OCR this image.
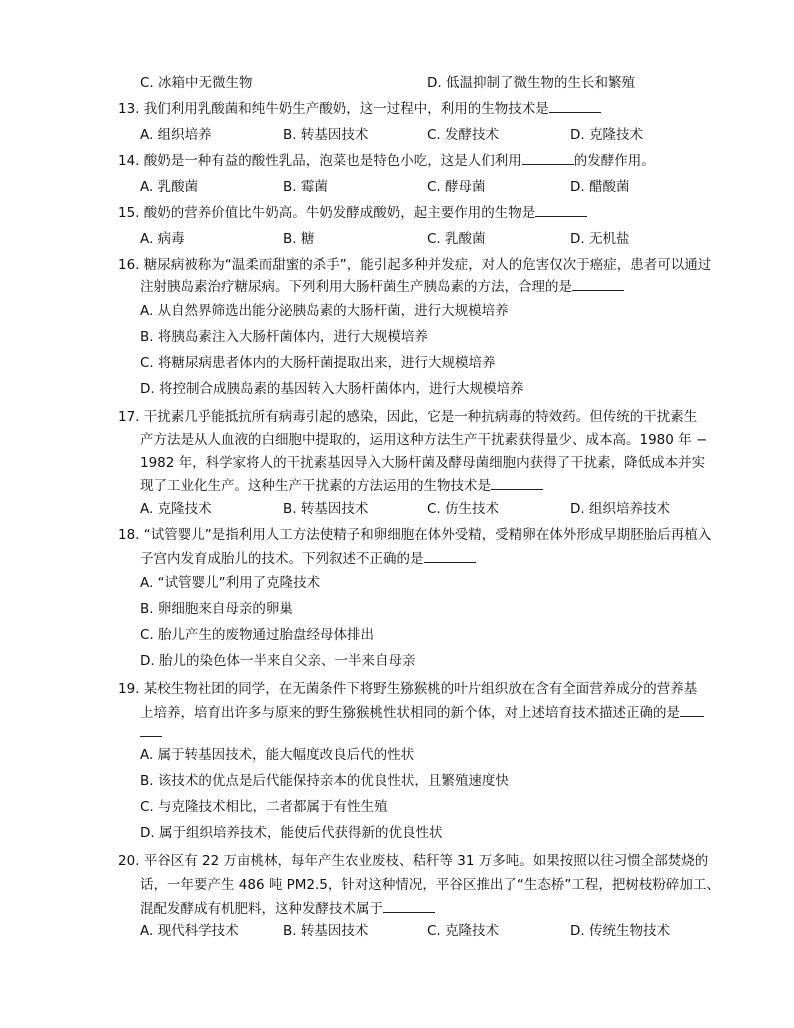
C. 冰箱中无微生物	D. 低温抑制了微生物的生长和繁殖
13. 我们利用乳酸菌和纯牛奶生产酸奶，这一过程中，利用的生物技术是
A. 组织培养	B. 转基因技术	C. 发酵技术	D. 克隆技术
14. 酸奶是一种有益的酸性乳品，泡菜也是特色小吃，这是人们利用	的发酵作用。
A. 乳酸菌	B. 霉菌	C. 酵母菌	D. 醋酸菌
15. 酸奶的营养价值比牛奶高。牛奶发酵成酸奶，起主要作用的生物是
A. 病毒	B. 糖	C. 乳酸菌	D. 无机盐
16. 糖尿病被称为“温柔而甜蜜的杀手”，能引起多种并发症，对人的危害仅次于癌症，患者可以通过
注射胰岛素治疗糖尿病。下列利用大肠杆菌生产胰岛素的方法，合理的是
A. 从自然界筛选出能分泌胰岛素的大肠杆菌，进行大规模培养
B. 将胰岛素注入大肠杆菌体内，进行大规模培养
C. 将糖尿病患者体内的大肠杆菌提取出来，进行大规模培养
D. 将控制合成胰岛素的基因转入大肠杆菌体内，进行大规模培养
17. 干扰素几乎能抵抗所有病毒引起的感染，因此，它是一种抗病毒的特效药。但传统的干扰素生
产方法是从人血液的白细胞中提取的，运用这种方法生产干扰素获得量少、成本高。1980 年 −
1982 年，科学家将人的干扰素基因导入大肠杆菌及酵母菌细胞内获得了干扰素，降低成本并实
现了工业化生产。这种生产干扰素的方法运用的生物技术是
A. 克隆技术	B. 转基因技术	C. 仿生技术	D. 组织培养技术
18. “试管婴儿”是指利用人工方法使精子和卵细胞在体外受精，受精卵在体外形成早期胚胎后再植入
子宫内发育成胎儿的技术。下列叙述不正确的是
A. “试管婴儿”利用了克隆技术
B. 卵细胞来自母亲的卵巢
C. 胎儿产生的废物通过胎盘经母体排出
D. 胎儿的染色体一半来自父亲、一半来自母亲
19. 某校生物社团的同学，在无菌条件下将野生猕猴桃的叶片组织放在含有全面营养成分的营养基
上培养，培育出许多与原来的野生猕猴桃性状相同的新个体，对上述培育技术描述正确的是
A. 属于转基因技术，能大幅度改良后代的性状
B. 该技术的优点是后代能保持亲本的优良性状，且繁殖速度快
C. 与克隆技术相比，二者都属于有性生殖
D. 属于组织培养技术，能使后代获得新的优良性状
20. 平谷区有 22 万亩桃林，每年产生农业废枝、秸秆等 31 万多吨。如果按照以往习惯全部焚烧的
话，一年要产生 486 吨 PM2.5，针对这种情况，平谷区推出了“生态桥”工程，把树枝粉碎加工、
混配发酵成有机肥料，这种发酵技术属于
A. 现代科学技术	B. 转基因技术	C. 克隆技术	D. 传统生物技术
